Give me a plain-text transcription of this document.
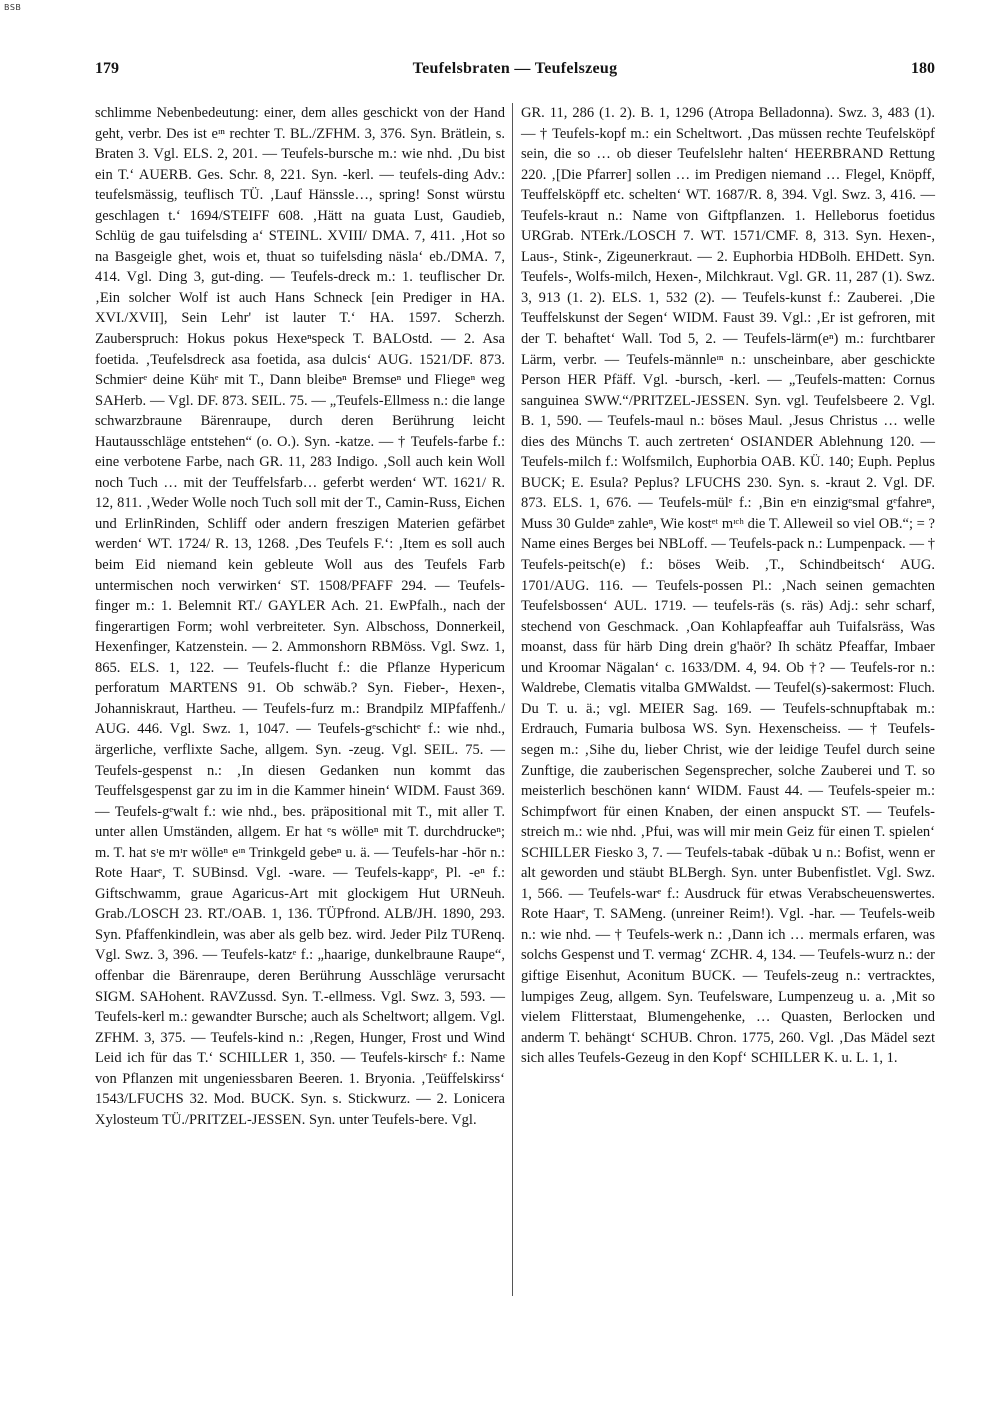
BSB
Teufelsbraten — Teufelszeug
179	180
schlimme Nebenbedeutung: einer, dem alles geschickt von der Hand geht, verbr. Des ist eᶦⁿ rechter T. BL./ZFHM. 3, 376. Syn. Brätlein, s. Braten 3. Vgl. ELS. 2, 201. — Teufels-bursche m.: wie nhd. ‚Du bist ein T.‘ AUERB. Ges. Schr. 8, 221. Syn. -kerl. — teufels-ding Adv.: teufelsmässig, teuflisch TÜ. ‚Lauf Hänssle…, spring! Sonst würstu geschlagen t.‘ 1694/STEIFF 608. ‚Hätt na guata Lust, Gaudieb, Schlüg de gau tuifelsding a‘ STEINL. XVIII/ DMA. 7, 411. ‚Hot so na Basgeigle ghet, wois et, thuat so tuifelsding näsla‘ eb./DMA. 7, 414. Vgl. Ding 3, gut-ding. — Teufels-dreck m.: 1. teuflischer Dr. ‚Ein solcher Wolf ist auch Hans Schneck [ein Prediger in HA. XVI./XVII], Sein Lehr' ist lauter T.‘ HA. 1597. Scherzh. Zauberspruch: Hokus pokus Hexeⁿspeck T. BALOstd. — 2. Asa foetida. ‚Teufelsdreck asa foetida, asa dulcis‘ AUG. 1521/DF. 873. Schmierᵉ deine Kühᵉ mit T., Dann bleibeⁿ Bremseⁿ und Fliegeⁿ weg SAHerb. — Vgl. DF. 873. SEIL. 75. — „Teufels-Ellmess n.: die lange schwarzbraune Bärenraupe, durch deren Berührung leicht Hautausschläge entstehen“ (o. O.). Syn. -katze. — † Teufels-farbe f.: eine verbotene Farbe, nach GR. 11, 283 Indigo. ‚Soll auch kein Woll noch Tuch … mit der Teuffelsfarb… geferbt werden‘ WT. 1621/ R. 12, 811. ‚Weder Wolle noch Tuch soll mit der T., Camin-Russ, Eichen und ErlinRinden, Schliff oder andern freszigen Materien gefärbet werden‘ WT. 1724/ R. 13, 1268. ‚Des Teufels F.‘: ‚Item es soll auch beim Eid niemand kein gebleute Woll aus des Teufels Farb untermischen noch verwirken‘ ST. 1508/PFAFF 294. — Teufels-finger m.: 1. Belemnit RT./ GAYLER Ach. 21. EwPfalh., nach der fingerartigen Form; wohl verbreiteter. Syn. Albschoss, Donnerkeil, Hexenfinger, Katzenstein. — 2. Ammonshorn RBMöss. Vgl. Swz. 1, 865. ELS. 1, 122. — Teufels-flucht f.: die Pflanze Hypericum perforatum MARTENS 91. Ob schwäb.? Syn. Fieber-, Hexen-, Johanniskraut, Hartheu. — Teufels-furz m.: Brandpilz MIPfaffenh./ AUG. 446. Vgl. Swz. 1, 1047. — Teufels-gᵉschichtᵉ f.: wie nhd., ärgerliche, verflixte Sache, allgem. Syn. -zeug. Vgl. SEIL. 75. — Teufels-gespenst n.: ‚In diesen Gedanken nun kommt das Teuffelsgespenst gar zu im in die Kammer hinein‘ WIDM. Faust 369. — Teufels-gᵉwalt f.: wie nhd., bes. präpositional mit T., mit aller T. unter allen Umständen, allgem. Er hat ᵉs wölleⁿ mit T. durchdruckeⁿ; m. T. hat sᶦe mᶦr wölleⁿ eᶦⁿ Trinkgeld gebeⁿ u. ä. — Teufels-har -hōr n.: Rote Haarᵉ, T. SUBinsd. Vgl. -ware. — Teufels-kappᵉ, Pl. -eⁿ f.: Giftschwamm, graue Agaricus-Art mit glockigem Hut URNeuh. Grab./LOSCH 23. RT./OAB. 1, 136. TÜPfrond. ALB/JH. 1890, 293. Syn. Pfaffenkindlein, was aber als gelb bez. wird. Jeder Pilz TURenq. Vgl. Swz. 3, 396. — Teufels-katzᵉ f.: „haarige, dunkelbraune Raupe“, offenbar die Bärenraupe, deren Berührung Ausschläge verursacht SIGM. SAHohent. RAVZussd. Syn. T.-ellmess. Vgl. Swz. 3, 593. — Teufels-kerl m.: gewandter Bursche; auch als Scheltwort; allgem. Vgl. ZFHM. 3, 375. — Teufels-kind n.: ‚Regen, Hunger, Frost und Wind Leid ich für das T.‘ SCHILLER 1, 350. — Teufels-kirschᵉ f.: Name von Pflanzen mit ungeniessbaren Beeren. 1. Bryonia. ‚Teüffelskirss‘ 1543/LFUCHS 32. Mod. BUCK. Syn. s. Stickwurz. — 2. Lonicera Xylosteum TÜ./PRITZEL-JESSEN. Syn. unter Teufels-bere. Vgl.
GR. 11, 286 (1. 2). B. 1, 1296 (Atropa Belladonna). Swz. 3, 483 (1). — † Teufels-kopf m.: ein Scheltwort. ‚Das müssen rechte Teufelsköpf sein, die so … ob dieser Teufelslehr halten‘ HEERBRAND Rettung 220. ‚[Die Pfarrer] sollen … im Predigen niemand … Flegel, Knöpff, Teuffelsköpff etc. schelten‘ WT. 1687/R. 8, 394. Vgl. Swz. 3, 416. — Teufels-kraut n.: Name von Giftpflanzen. 1. Helleborus foetidus URGrab. NTErk./LOSCH 7. WT. 1571/CMF. 8, 313. Syn. Hexen-, Laus-, Stink-, Zigeunerkraut. — 2. Euphorbia HDBolh. EHDett. Syn. Teufels-, Wolfs-milch, Hexen-, Milchkraut. Vgl. GR. 11, 287 (1). Swz. 3, 913 (1. 2). ELS. 1, 532 (2). — Teufels-kunst f.: Zauberei. ‚Die Teuffelskunst der Segen‘ WIDM. Faust 39. Vgl.: ‚Er ist gefroren, mit der T. behaftet‘ Wall. Tod 5, 2. — Teufels-lärm(eⁿ) m.: furchtbarer Lärm, verbr. — Teufels-männleᶦⁿ n.: unscheinbare, aber geschickte Person HER Pfäff. Vgl. -bursch, -kerl. — „Teufels-matten: Cornus sanguinea SWW.“/PRITZEL-JESSEN. Syn. vgl. Teufelsbeere 2. Vgl. B. 1, 590. — Teufels-maul n.: böses Maul. ‚Jesus Christus … welle dies des Münchs T. auch zertreten‘ OSIANDER Ablehnung 120. — Teufels-milch f.: Wolfsmilch, Euphorbia OAB. KÜ. 140; Euph. Peplus BUCK; E. Esula? Peplus? LFUCHS 230. Syn. s. -kraut 2. Vgl. DF. 873. ELS. 1, 676. — Teufels-mülᵉ f.: ‚Bin eᶦn einzigᵉsmal gᵉfahreⁿ, Muss 30 Guldeⁿ zahleⁿ, Wie kostᵉᵗ mᶦᶜʰ die T. Alleweil so viel OB.“; = ? Name eines Berges bei NBLoff. — Teufels-pack n.: Lumpenpack. — † Teufels-peitsch(e) f.: böses Weib. ‚T., Schindbeitsch‘ AUG. 1701/AUG. 116. — Teufels-possen Pl.: ‚Nach seinen gemachten Teufelsbossen‘ AUL. 1719. — teufels-räs (s. räs) Adj.: sehr scharf, stechend von Geschmack. ‚Oan Kohlapfeaffar auh Tuifalsräss, Was moanst, dass für härb Ding drein g'haör? Ih schätz Pfeaffar, Imbaer und Kroomar Nägalan‘ c. 1633/DM. 4, 94. Ob †? — Teufels-ror n.: Waldrebe, Clematis vitalba GMWaldst. — Teufel(s)-sakermost: Fluch. Du T. u. ä.; vgl. MEIER Sag. 169. — Teufels-schnupftabak m.: Erdrauch, Fumaria bulbosa WS. Syn. Hexenscheiss. — † Teufels-segen m.: ‚Sihe du, lieber Christ, wie der leidige Teufel durch seine Zunftige, die zauberischen Segensprecher, solche Zauberei und T. so meisterlich beschönen kann‘ WIDM. Faust 44. — Teufels-speier m.: Schimpfwort für einen Knaben, der einen anspuckt ST. — Teufels-streich m.: wie nhd. ‚Pfui, was will mir mein Geiz für einen T. spielen‘ SCHILLER Fiesko 3, 7. — Teufels-tabak -dūbak ꭒ n.: Bofist, wenn er alt geworden und stäubt BLBergh. Syn. unter Bubenfistlet. Vgl. Swz. 1, 566. — Teufels-warᵉ f.: Ausdruck für etwas Verabscheuenswertes. Rote Haarᵉ, T. SAMeng. (unreiner Reim!). Vgl. -har. — Teufels-weib n.: wie nhd. — † Teufels-werk n.: ‚Dann ich … mermals erfaren, was solchs Gespenst und T. vermag‘ ZCHR. 4, 134. — Teufels-wurz n.: der giftige Eisenhut, Aconitum BUCK. — Teufels-zeug n.: vertracktes, lumpiges Zeug, allgem. Syn. Teufelsware, Lumpenzeug u. a. ‚Mit so vielem Flitterstaat, Blumengehenke, … Quasten, Berlocken und anderm T. behängt‘ SCHUB. Chron. 1775, 260. Vgl. ‚Das Mädel sezt sich alles Teufels-Gezeug in den Kopf‘ SCHILLER K. u. L. 1, 1.
